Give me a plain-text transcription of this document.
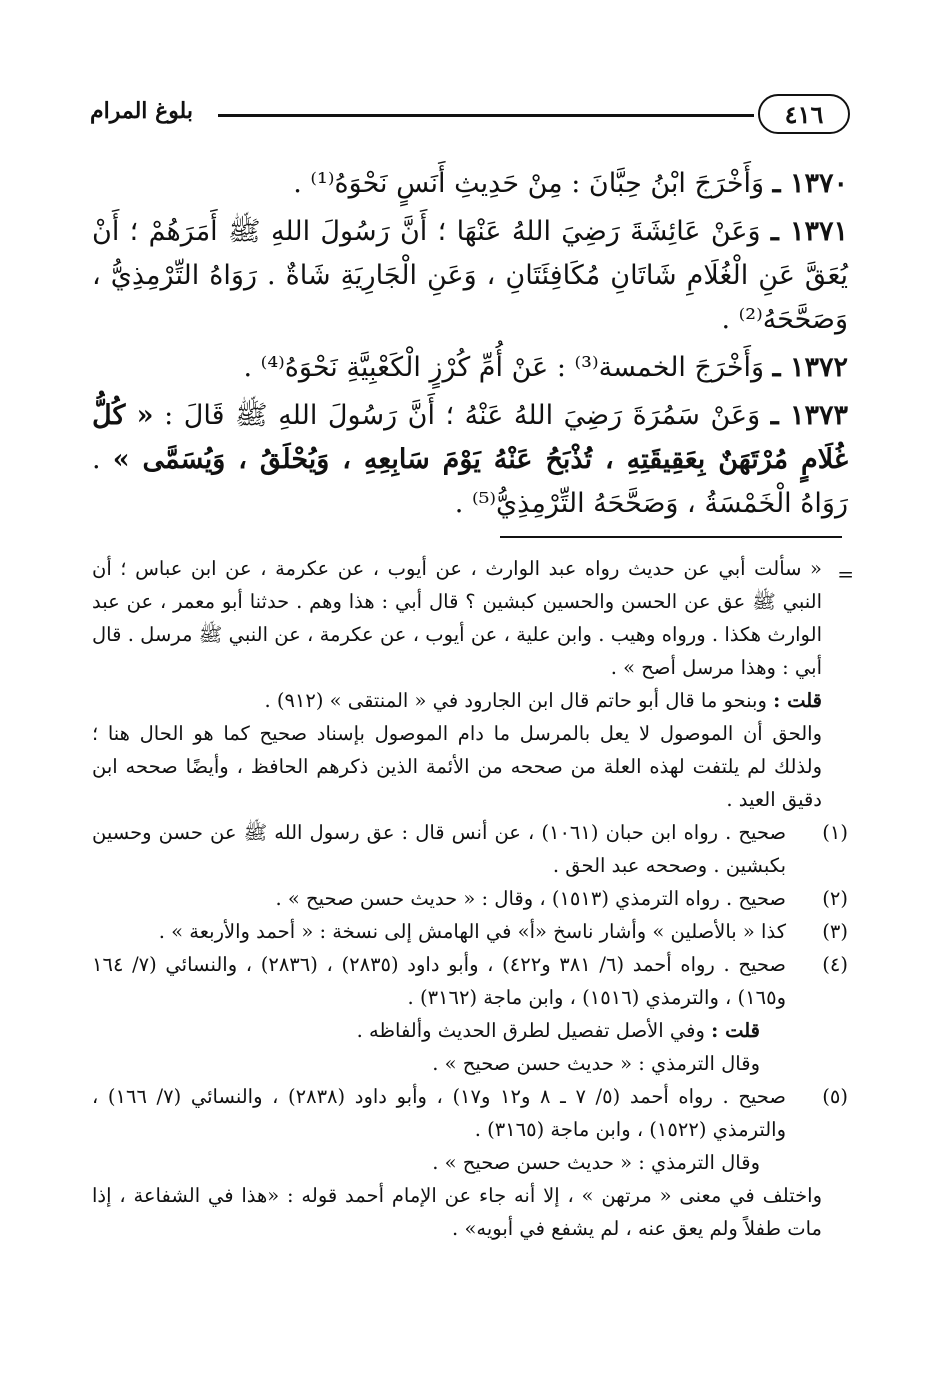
٤١٦
بلوغ المرام

١٣٧٠ ـ وَأَخْرَجَ ابْنُ حِبَّانَ : مِنْ حَدِيثِ أَنَسٍ نَحْوَهُ⁽¹⁾ .

١٣٧١ ـ وَعَنْ عَائِشَةَ رَضِيَ اللهُ عَنْهَا ؛ أَنَّ رَسُولَ اللهِ ﷺ أَمَرَهُمْ ؛ أَنْ يُعَقَّ عَنِ الْغُلَامِ شَاتَانِ مُكَافِئَتَانِ ، وَعَنِ الْجَارِيَةِ شَاةٌ . رَوَاهُ التِّرْمِذِيُّ ، وَصَحَّحَهُ⁽²⁾ .

١٣٧٢ ـ وَأَخْرَجَ الخمسة⁽³⁾ : عَنْ أُمِّ كُرْزٍ الْكَعْبِيَّةِ نَحْوَهُ⁽⁴⁾ .

١٣٧٣ ـ وَعَنْ سَمُرَةَ رَضِيَ اللهُ عَنْهُ ؛ أَنَّ رَسُولَ اللهِ ﷺ قَالَ : « كُلُّ غُلَامٍ مُرْتَهَنٌ بِعَقِيقَتِهِ ، تُذْبَحُ عَنْهُ يَوْمَ سَابِعِهِ ، وَيُحْلَقُ ، وَيُسَمَّى » . رَوَاهُ الْخَمْسَةُ ، وَصَحَّحَهُ التِّرْمِذِيُّ⁽⁵⁾ .

=
« سألت أبي عن حديث رواه عبد الوارث ، عن أيوب ، عن عكرمة ، عن ابن عباس ؛ أن النبي ﷺ عق عن الحسن والحسين كبشين ؟ قال أبي : هذا وهم . حدثنا أبو معمر ، عن عبد الوارث هكذا . ورواه وهيب . وابن علية ، عن أيوب ، عن عكرمة ، عن النبي ﷺ مرسل . قال أبي : وهذا مرسل أصح » .
قلت : وبنحو ما قال أبو حاتم قال ابن الجارود في « المنتقى » (٩١٢) .
والحق أن الموصول لا يعل بالمرسل ما دام الموصول بإسناد صحيح كما هو الحال هنا ؛ ولذلك لم يلتفت لهذه العلة من صححه من الأئمة الذين ذكرهم الحافظ ، وأيضًا صححه ابن دقيق العيد .
(١)
صحيح . رواه ابن حبان (١٠٦١) ، عن أنس قال : عق رسول الله ﷺ عن حسن وحسين بكبشين . وصححه عبد الحق .
(٢)
صحيح . رواه الترمذي (١٥١٣) ، وقال : « حديث حسن صحيح » .
(٣)
كذا « بالأصلين » وأشار ناسخ «أ» في الهامش إلى نسخة : « أحمد والأربعة » .
(٤)
صحيح . رواه أحمد (٦/ ٣٨١ و٤٢٢) ، وأبو داود (٢٨٣٥) ، (٢٨٣٦) ، والنسائي (٧/ ١٦٤ و١٦٥) ، والترمذي (١٥١٦) ، وابن ماجة (٣١٦٢) .
قلت : وفي الأصل تفصيل لطرق الحديث وألفاظه .
وقال الترمذي : « حديث حسن صحيح » .
(٥)
صحيح . رواه أحمد (٥/ ٧ ـ ٨ و١٢ و١٧) ، وأبو داود (٢٨٣٨) ، والنسائي (٧/ ١٦٦) ، والترمذي (١٥٢٢) ، وابن ماجة (٣١٦٥) .
وقال الترمذي : « حديث حسن صحيح » .
واختلف في معنى « مرتهن » ، إلا أنه جاء عن الإمام أحمد قوله : «هذا في الشفاعة ، إذا مات طفلاً ولم يعق عنه ، لم يشفع في أبويه» .
